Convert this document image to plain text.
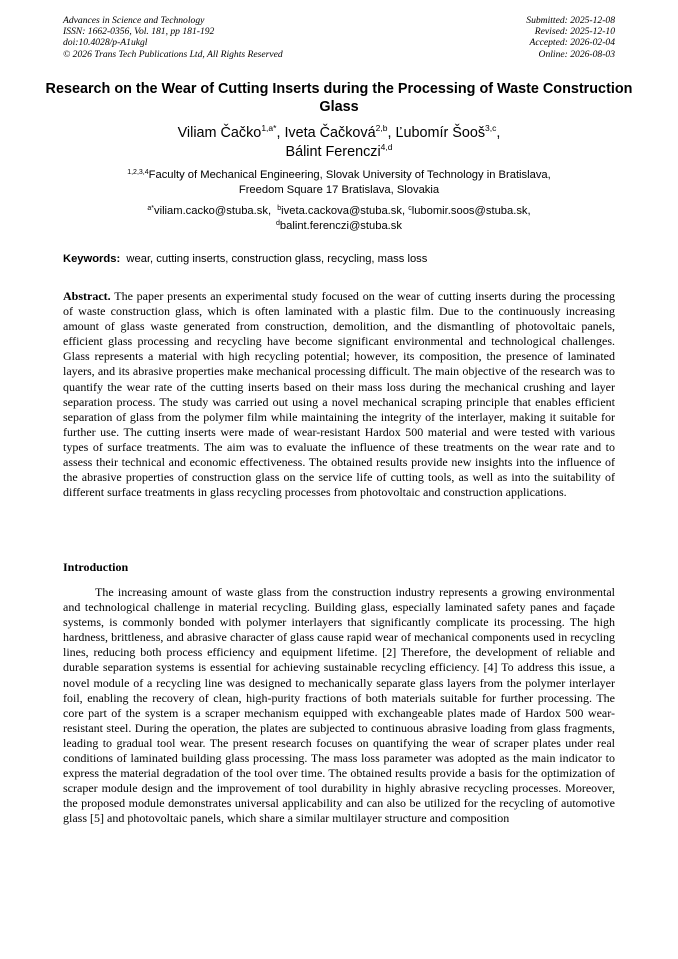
Advances in Science and Technology
ISSN: 1662-0356, Vol. 181, pp 181-192
doi:10.4028/p-A1ukgl
© 2026 Trans Tech Publications Ltd, All Rights Reserved
Submitted: 2025-12-08
Revised: 2025-12-10
Accepted: 2026-02-04
Online: 2026-08-03
Research on the Wear of Cutting Inserts during the Processing of Waste Construction Glass
Viliam Čačko$^{1,a*}$, Iveta Čačková$^{2,b}$, Ľubomír Šooš$^{3,c}$,
Bálint Ferenczi$^{4,d}$
$^{1,2,3,4}$Faculty of Mechanical Engineering, Slovak University of Technology in Bratislava,
Freedom Square 17 Bratislava, Slovakia
$^{a*}$viliam.cacko@stuba.sk,  $^b$iveta.cackova@stuba.sk, $^c$lubomir.soos@stuba.sk,
$^d$balint.ferenczi@stuba.sk
Keywords: wear, cutting inserts, construction glass, recycling, mass loss
Abstract. The paper presents an experimental study focused on the wear of cutting inserts during the processing of waste construction glass, which is often laminated with a plastic film. Due to the continuously increasing amount of glass waste generated from construction, demolition, and the dismantling of photovoltaic panels, efficient glass processing and recycling have become significant environmental and technological challenges. Glass represents a material with high recycling potential; however, its composition, the presence of laminated layers, and its abrasive properties make mechanical processing difficult. The main objective of the research was to quantify the wear rate of the cutting inserts based on their mass loss during the mechanical crushing and layer separation process. The study was carried out using a novel mechanical scraping principle that enables efficient separation of glass from the polymer film while maintaining the integrity of the interlayer, making it suitable for further use. The cutting inserts were made of wear-resistant Hardox 500 material and were tested with various types of surface treatments. The aim was to evaluate the influence of these treatments on the wear rate and to assess their technical and economic effectiveness. The obtained results provide new insights into the influence of the abrasive properties of construction glass on the service life of cutting tools, as well as into the suitability of different surface treatments in glass recycling processes from photovoltaic and construction applications.
Introduction
The increasing amount of waste glass from the construction industry represents a growing environmental and technological challenge in material recycling. Building glass, especially laminated safety panes and façade systems, is commonly bonded with polymer interlayers that significantly complicate its processing. The high hardness, brittleness, and abrasive character of glass cause rapid wear of mechanical components used in recycling lines, reducing both process efficiency and equipment lifetime. [2] Therefore, the development of reliable and durable separation systems is essential for achieving sustainable recycling efficiency. [4] To address this issue, a novel module of a recycling line was designed to mechanically separate glass layers from the polymer interlayer foil, enabling the recovery of clean, high-purity fractions of both materials suitable for further processing. The core part of the system is a scraper mechanism equipped with exchangeable plates made of Hardox 500 wear-resistant steel. During the operation, the plates are subjected to continuous abrasive loading from glass fragments, leading to gradual tool wear. The present research focuses on quantifying the wear of scraper plates under real conditions of laminated building glass processing. The mass loss parameter was adopted as the main indicator to express the material degradation of the tool over time. The obtained results provide a basis for the optimization of scraper module design and the improvement of tool durability in highly abrasive recycling processes. Moreover, the proposed module demonstrates universal applicability and can also be utilized for the recycling of automotive glass [5] and photovoltaic panels, which share a similar multilayer structure and composition
